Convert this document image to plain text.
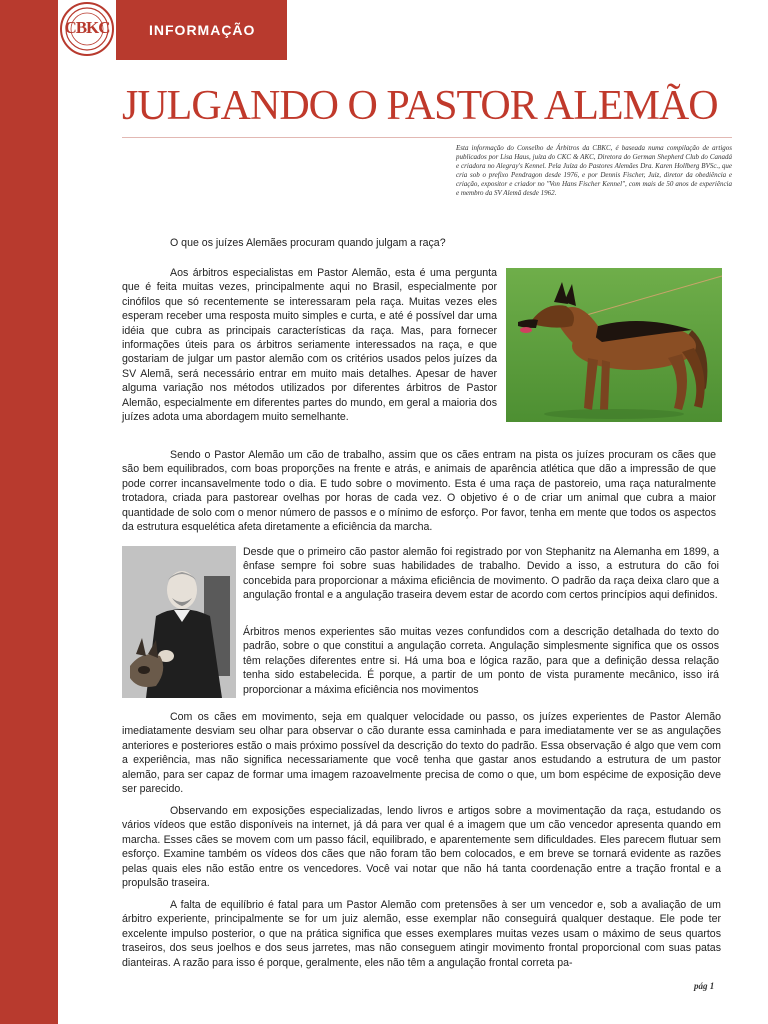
CBKC	INFORMAÇÃO
JULGANDO O PASTOR ALEMÃO
Esta informação do Conselho de Árbitros da CBKC, é baseada numa compilação de artigos publicados por Lisa Haus, juíza do CKC & AKC, Diretora do German Shepherd Club do Canadá e criadora no Alegray's Kennel. Pela Juíza do Pastores Alemães Dra. Karen Hollberg BVSc., que cria sob o prefixo Pendragon desde 1976, e por Dennis Fischer, Juiz, diretor da obediência e criação, expositor e criador no "Von Hans Fischer Kennel", com mais de 50 anos de experiência e membro da SV Alemã desde 1962.

O que os juízes Alemães procuram quando julgam a raça?

Aos árbitros especialistas em Pastor Alemão, esta é uma pergunta que é feita muitas vezes, principalmente aqui no Brasil, especialmente por cinófilos que só recentemente se interessaram pela raça. Muitas vezes eles esperam receber uma resposta muito simples e curta, e até é possível dar uma idéia que cubra as principais características da raça. Mas, para fornecer informações úteis para os árbitros seriamente interessados na raça, e que gostariam de julgar um pastor alemão com os critérios usados pelos juízes da SV Alemã, será necessário entrar em muito mais detalhes. Apesar de haver alguma variação nos métodos utilizados por diferentes árbitros de Pastor Alemão, especialmente em diferentes partes do mundo, em geral a maioria dos juízes adota uma abordagem muito semelhante.

Sendo o Pastor Alemão um cão de trabalho, assim que os cães entram na pista os juízes procuram os cães que são bem equilibrados, com boas proporções na frente e atrás, e animais de aparência atlética que dão a impressão de que pode correr incansavelmente todo o dia. E tudo sobre o movimento. Esta é uma raça de pastoreio, uma raça naturalmente trotadora, criada para pastorear ovelhas por horas de cada vez. O objetivo é o de criar um animal que cubra a maior quantidade de solo com o menor número de passos e o mínimo de esforço. Por favor, tenha em mente que todos os aspectos da estrutura esquelética afeta diretamente a eficiência da marcha.

Desde que o primeiro cão pastor alemão foi registrado por von Stephanitz na Alemanha em 1899, a ênfase sempre foi sobre suas habilidades de trabalho. Devido a isso, a estrutura do cão foi concebida para proporcionar a máxima eficiência de movimento. O padrão da raça deixa claro que a angulação frontal e a angulação traseira devem estar de acordo com certos princípios aqui definidos.

Árbitros menos experientes são muitas vezes confundidos com a descrição detalhada do texto do padrão, sobre o que constitui a angulação correta. Angulação simplesmente significa que os ossos têm relações diferentes entre si. Há uma boa e lógica razão, para que a definição dessa relação tenha sido estabelecida. É porque, a partir de um ponto de vista puramente mecânico, isso irá proporcionar a máxima eficiência nos movimentos

Com os cães em movimento, seja em qualquer velocidade ou passo, os juízes experientes de Pastor Alemão imediatamente desviam seu olhar para observar o cão durante essa caminhada e para imediatamente ver se as angulações anteriores e posteriores estão o mais próximo possível da descrição do texto do padrão. Essa observação é algo que vem com a experiência, mas não significa necessariamente que você tenha que gastar anos estudando a estrutura de um pastor alemão, para ser capaz de formar uma imagem razoavelmente precisa de como o que, um bom espécime de exposição deve ser parecido.

Observando em exposições especializadas, lendo livros e artigos sobre a movimentação da raça, estudando os vários vídeos que estão disponíveis na internet, já dá para ver qual é a imagem que um cão vencedor apresenta quando em marcha. Esses cães se movem com um passo fácil, equilibrado, e aparentemente sem dificuldades. Eles parecem flutuar sem esforço. Examine também os vídeos dos cães que não foram tão bem colocados, e em breve se tornará evidente as razões pelas quais eles não estão entre os vencedores. Você vai notar que não há tanta coordenação entre a tração frontal e a propulsão traseira.

A falta de equilíbrio é fatal para um Pastor Alemão com pretensões à ser um vencedor e, sob a avaliação de um árbitro experiente, principalmente se for um juiz alemão, esse exemplar não conseguirá qualquer destaque. Ele pode ter excelente impulso posterior, o que na prática significa que esses exemplares muitas vezes usam o máximo de seus quartos traseiros, dos seus joelhos e dos seus jarretes, mas não conseguem atingir movimento frontal proporcional com suas patas dianteiras. A razão para isso é porque, geralmente, eles não têm a angulação frontal correta pa-

pág 1
